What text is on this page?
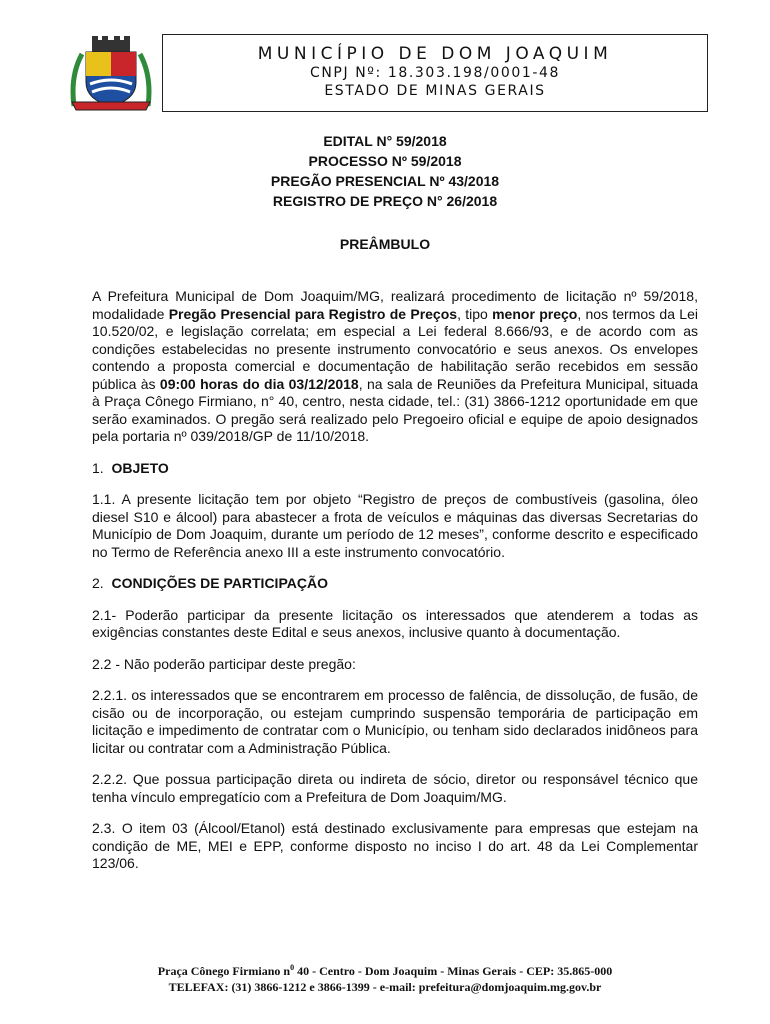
MUNICÍPIO DE DOM JOAQUIM
CNPJ Nº: 18.303.198/0001-48
ESTADO DE MINAS GERAIS
EDITAL N° 59/2018
PROCESSO Nº 59/2018
PREGÃO PRESENCIAL Nº 43/2018
REGISTRO DE PREÇO N° 26/2018
PREÂMBULO

A Prefeitura Municipal de Dom Joaquim/MG, realizará procedimento de licitação nº 59/2018, modalidade Pregão Presencial para Registro de Preços, tipo menor preço, nos termos da Lei 10.520/02, e legislação correlata; em especial a Lei federal 8.666/93, e de acordo com as condições estabelecidas no presente instrumento convocatório e seus anexos. Os envelopes contendo a proposta comercial e documentação de habilitação serão recebidos em sessão pública às 09:00 horas do dia 03/12/2018, na sala de Reuniões da Prefeitura Municipal, situada à Praça Cônego Firmiano, n° 40, centro, nesta cidade, tel.: (31) 3866-1212 oportunidade em que serão examinados. O pregão será realizado pelo Pregoeiro oficial e equipe de apoio designados pela portaria nº 039/2018/GP de 11/10/2018.

1. OBJETO

1.1. A presente licitação tem por objeto “Registro de preços de combustíveis (gasolina, óleo diesel S10 e álcool) para abastecer a frota de veículos e máquinas das diversas Secretarias do Município de Dom Joaquim, durante um período de 12 meses”, conforme descrito e especificado no Termo de Referência anexo III a este instrumento convocatório.

2. CONDIÇÕES DE PARTICIPAÇÃO

2.1- Poderão participar da presente licitação os interessados que atenderem a todas as exigências constantes deste Edital e seus anexos, inclusive quanto à documentação.

2.2 - Não poderão participar deste pregão:

2.2.1. os interessados que se encontrarem em processo de falência, de dissolução, de fusão, de cisão ou de incorporação, ou estejam cumprindo suspensão temporária de participação em licitação e impedimento de contratar com o Município, ou tenham sido declarados inidôneos para licitar ou contratar com a Administração Pública.

2.2.2. Que possua participação direta ou indireta de sócio, diretor ou responsável técnico que tenha vínculo empregatício com a Prefeitura de Dom Joaquim/MG.

2.3. O item 03 (Álcool/Etanol) está destinado exclusivamente para empresas que estejam na condição de ME, MEI e EPP, conforme disposto no inciso I do art. 48 da Lei Complementar 123/06.

Praça Cônego Firmiano $n^0$ 40 - Centro - Dom Joaquim - Minas Gerais - CEP: 35.865-000
TELEFAX: (31) 3866-1212 e 3866-1399 - e-mail: prefeitura@domjoaquim.mg.gov.br
